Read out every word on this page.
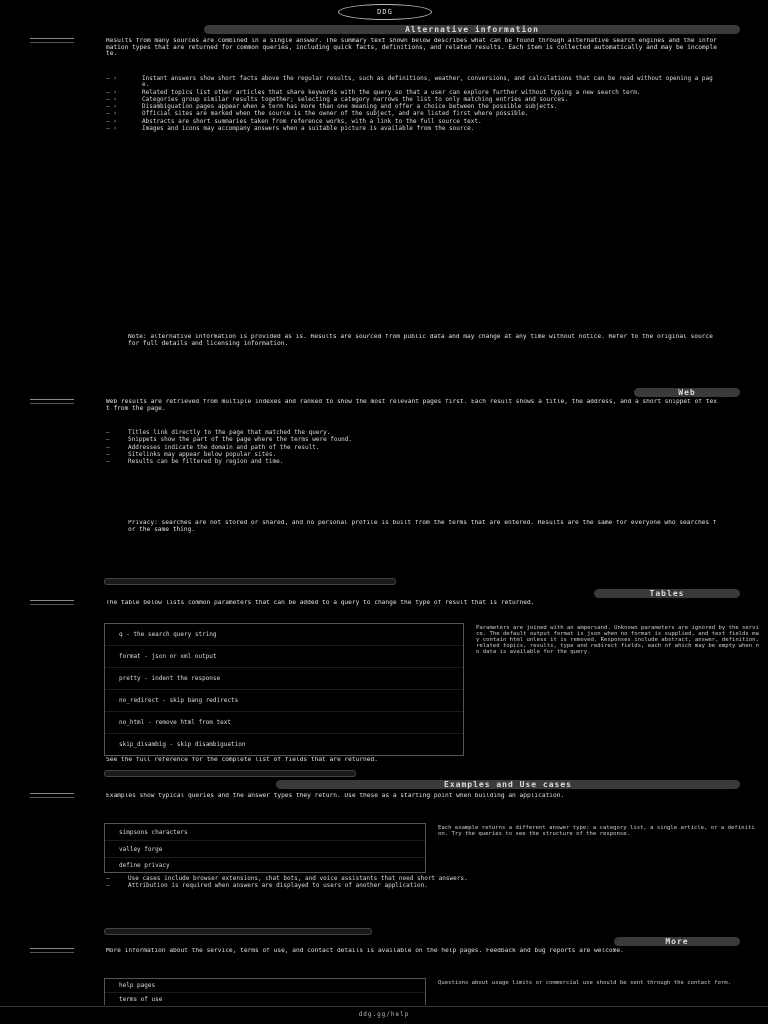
DDG
Alternative information
Results from many sources are combined in a single answer. The summary text shown below describes what can be found through alternative search engines and the information types that are returned for common queries, including quick facts, definitions, and related results. Each item is collected automatically and may be incomplete.
— ›	Instant answers show short facts above the regular results, such as definitions, weather, conversions, and calculations that can be read without opening a page.
— ›	Related topics list other articles that share keywords with the query so that a user can explore further without typing a new search term.
— ›	Categories group similar results together; selecting a category narrows the list to only matching entries and sources.
— ›	Disambiguation pages appear when a term has more than one meaning and offer a choice between the possible subjects.
— ›	Official sites are marked when the source is the owner of the subject, and are listed first where possible.
— ›	Abstracts are short summaries taken from reference works, with a link to the full source text.
— ›	Images and icons may accompany answers when a suitable picture is available from the source.
Note: alternative information is provided as is. Results are sourced from public data and may change at any time without notice. Refer to the original source for full details and licensing information.
Web
Web results are retrieved from multiple indexes and ranked to show the most relevant pages first. Each result shows a title, the address, and a short snippet of text from the page.
—	Titles link directly to the page that matched the query.
—	Snippets show the part of the page where the terms were found.
—	Addresses indicate the domain and path of the result.
—	Sitelinks may appear below popular sites.
—	Results can be filtered by region and time.
Privacy: searches are not stored or shared, and no personal profile is built from the terms that are entered. Results are the same for everyone who searches for the same thing.
Tables
The table below lists common parameters that can be added to a query to change the type of result that is returned.
q - the search query string
format - json or xml output
pretty - indent the response
no_redirect - skip bang redirects
no_html - remove html from text
skip_disambig - skip disambiguation
Parameters are joined with an ampersand. Unknown parameters are ignored by the service. The default output format is json when no format is supplied, and text fields may contain html unless it is removed. Responses include abstract, answer, definition, related topics, results, type and redirect fields, each of which may be empty when no data is available for the query.
See the full reference for the complete list of fields that are returned.
Examples and Use cases
Examples show typical queries and the answer types they return. Use these as a starting point when building an application.
simpsons characters
valley forge
define privacy
Each example returns a different answer type: a category list, a single article, or a definition. Try the queries to see the structure of the response.
—	Use cases include browser extensions, chat bots, and voice assistants that need short answers.
—	Attribution is required when answers are displayed to users of another application.
More
More information about the service, terms of use, and contact details is available on the help pages. Feedback and bug reports are welcome.
help pages
terms of use
Questions about usage limits or commercial use should be sent through the contact form.
ddg.gg/help
